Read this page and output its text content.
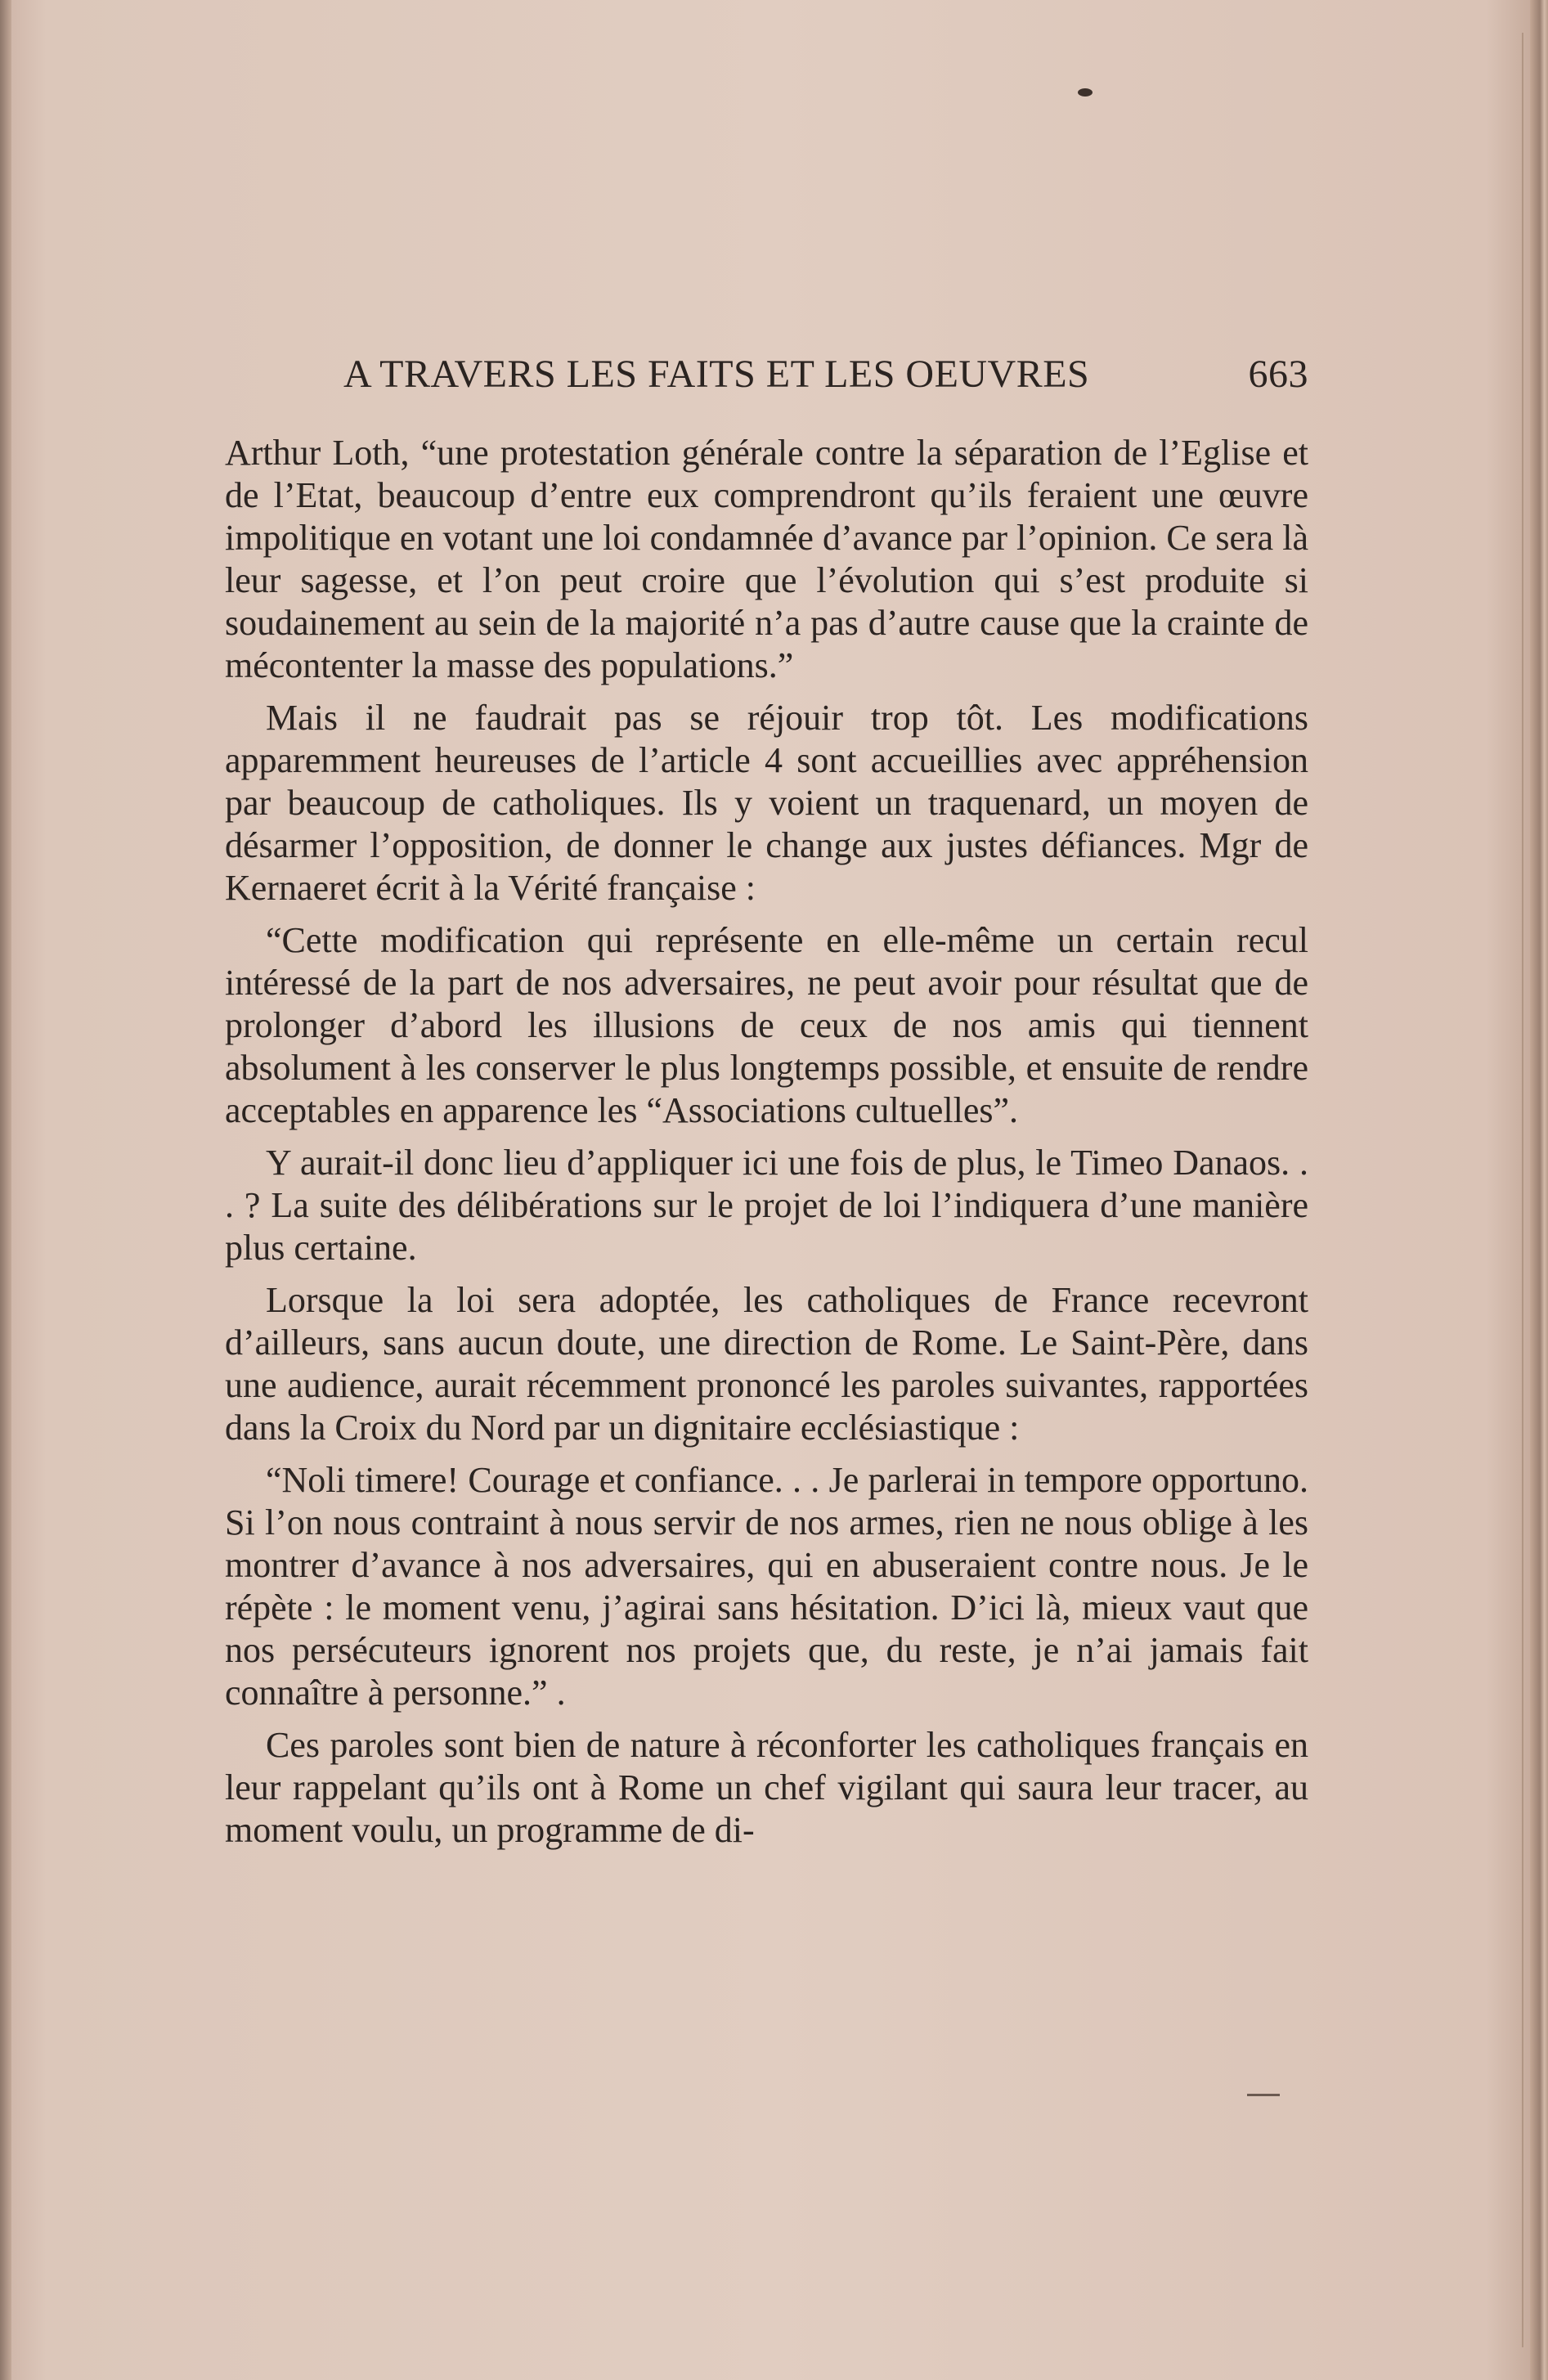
A TRAVERS LES FAITS ET LES OEUVRES	663

Arthur Loth, “une protestation générale contre la séparation de l’Eglise et de l’Etat, beaucoup d’entre eux comprendront qu’ils feraient une œuvre impolitique en votant une loi condamnée d’avance par l’opinion. Ce sera là leur sagesse, et l’on peut croire que l’évolution qui s’est produite si soudainement au sein de la majorité n’a pas d’autre cause que la crainte de mécontenter la masse des populations.”

Mais il ne faudrait pas se réjouir trop tôt. Les modifications apparemment heureuses de l’article 4 sont accueillies avec appréhension par beaucoup de catholiques. Ils y voient un traquenard, un moyen de désarmer l’opposition, de donner le change aux justes défiances. Mgr de Kernaeret écrit à la Vérité française :

“Cette modification qui représente en elle-même un certain recul intéressé de la part de nos adversaires, ne peut avoir pour résultat que de prolonger d’abord les illusions de ceux de nos amis qui tiennent absolument à les conserver le plus longtemps possible, et ensuite de rendre acceptables en apparence les “Associations cultuelles”.

Y aurait-il donc lieu d’appliquer ici une fois de plus, le Timeo Danaos. . . ? La suite des délibérations sur le projet de loi l’indiquera d’une manière plus certaine.

Lorsque la loi sera adoptée, les catholiques de France recevront d’ailleurs, sans aucun doute, une direction de Rome. Le Saint-Père, dans une audience, aurait récemment prononcé les paroles suivantes, rapportées dans la Croix du Nord par un dignitaire ecclésiastique :

“Noli timere! Courage et confiance. . . Je parlerai in tempore opportuno. Si l’on nous contraint à nous servir de nos armes, rien ne nous oblige à les montrer d’avance à nos adversaires, qui en abuseraient contre nous. Je le répète : le moment venu, j’agirai sans hésitation. D’ici là, mieux vaut que nos persécuteurs ignorent nos projets que, du reste, je n’ai jamais fait connaître à personne.” .

Ces paroles sont bien de nature à réconforter les catholiques français en leur rappelant qu’ils ont à Rome un chef vigilant qui saura leur tracer, au moment voulu, un programme de di-
